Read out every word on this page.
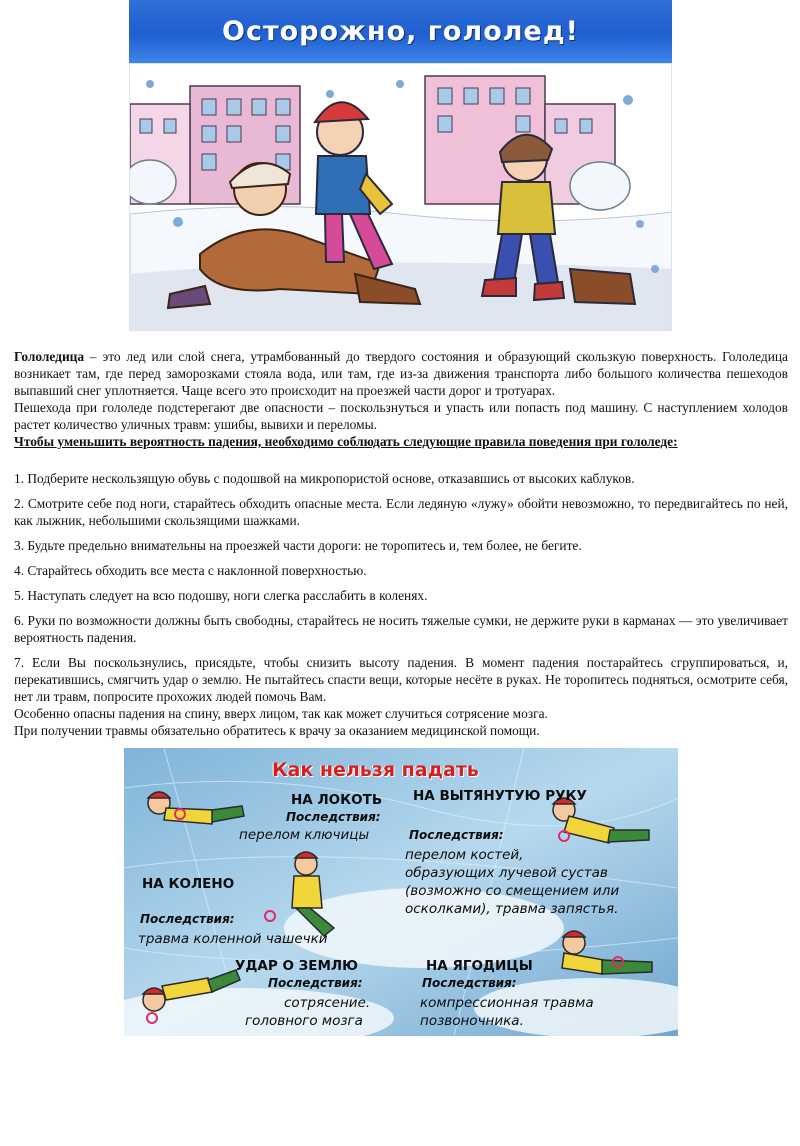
Осторожно, гололед!

Гололедица – это лед или слой снега, утрамбованный до твердого состояния и образующий скользкую поверхность. Гололедица возникает там, где перед заморозками стояла вода, или там, где из-за движения транспорта либо большого количества пешеходов выпавший снег уплотняется. Чаще всего это происходит на проезжей части дорог и тротуарах.

Пешехода при гололеде подстерегают две опасности – поскользнуться и упасть или попасть под машину. С наступлением холодов растет количество уличных травм: ушибы, вывихи и переломы.

Чтобы уменьшить вероятность падения, необходимо соблюдать следующие правила поведения при гололеде:

1. Подберите нескользящую обувь с подошвой на микропористой основе, отказавшись от высоких каблуков.

2. Смотрите себе под ноги, старайтесь обходить опасные места. Если ледяную «лужу» обойти невозможно, то передвигайтесь по ней, как лыжник, небольшими скользящими шажками.

3. Будьте предельно внимательны на проезжей части дороги: не торопитесь и, тем более, не бегите.

4. Старайтесь обходить все места с наклонной поверхностью.

5. Наступать следует на всю подошву, ноги слегка расслабить в коленях.

6. Руки по возможности должны быть свободны, старайтесь не носить тяжелые сумки, не держите руки в карманах — это увеличивает вероятность падения.

7. Если Вы поскользнулись, присядьте, чтобы снизить высоту падения. В момент падения постарайтесь сгруппироваться, и, перекатившись, смягчить удар о землю. Не пытайтесь спасти вещи, которые несёте в руках. Не торопитесь подняться, осмотрите себя, нет ли травм, попросите прохожих людей помочь Вам.

Особенно опасны падения на спину, вверх лицом, так как может случиться сотрясение мозга.

При получении травмы обязательно обратитесь к врачу за оказанием медицинской помощи.

Как нельзя падать
НА ЛОКОТЬ
Последствия:
перелом ключицы
НА ВЫТЯНУТУЮ РУКУ
Последствия:
перелом костей,
образующих лучевой сустав
(возможно со смещением или
осколками), травма запястья.
НА КОЛЕНО
Последствия:
травма коленной чашечки
УДАР О ЗЕМЛЮ
Последствия:
сотрясение.
головного мозга
НА ЯГОДИЦЫ
Последствия:
компрессионная травма
позвоночника.
